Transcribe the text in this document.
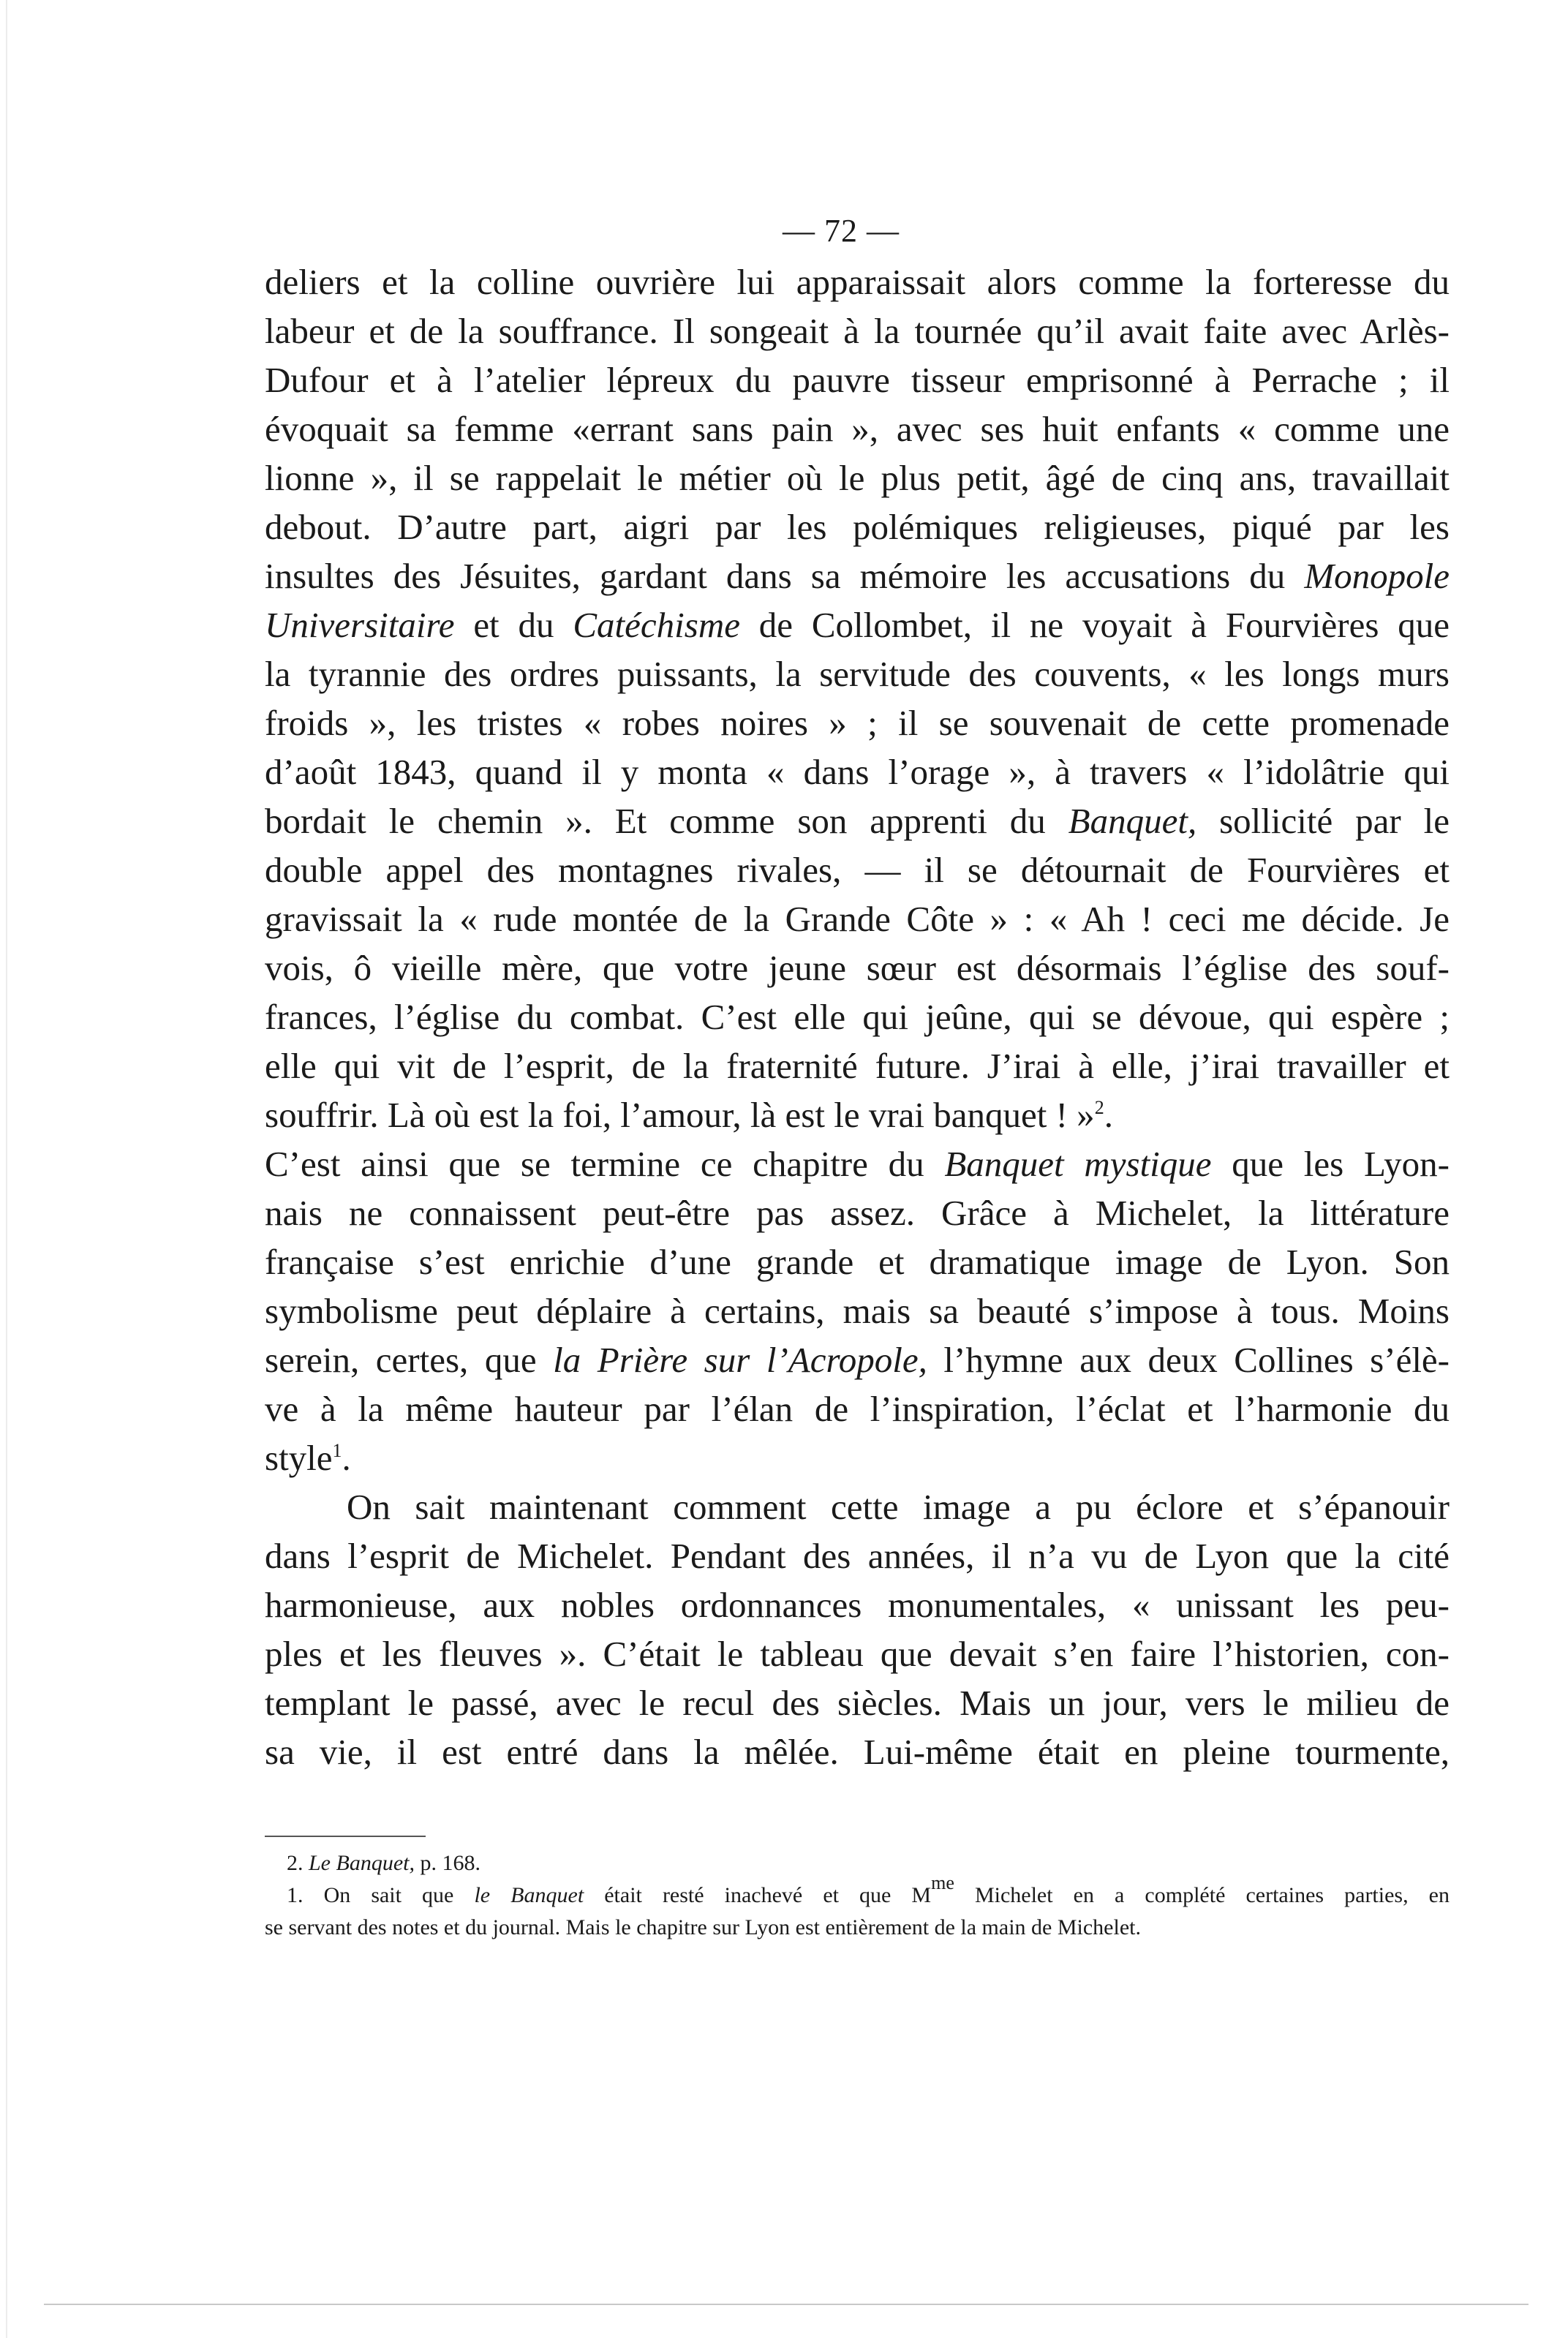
— 72 —
deliers et la colline ouvrière lui apparaissait alors comme la forteresse du
labeur et de la souffrance. Il songeait à la tournée qu’il avait faite avec Arlès-
Dufour et à l’atelier lépreux du pauvre tisseur emprisonné à Perrache ; il
évoquait sa femme «errant sans pain », avec ses huit enfants « comme une
lionne », il se rappelait le métier où le plus petit, âgé de cinq ans, travaillait
debout. D’autre part, aigri par les polémiques religieuses, piqué par les
insultes des Jésuites, gardant dans sa mémoire les accusations du Monopole
Universitaire et du Catéchisme de Collombet, il ne voyait à Fourvières que
la tyrannie des ordres puissants, la servitude des couvents, « les longs murs
froids », les tristes « robes noires » ; il se souvenait de cette promenade
d’août 1843, quand il y monta « dans l’orage », à travers « l’idolâtrie qui
bordait le chemin ». Et comme son apprenti du Banquet, sollicité par le
double appel des montagnes rivales, — il se détournait de Fourvières et
gravissait la « rude montée de la Grande Côte » : « Ah ! ceci me décide. Je
vois, ô vieille mère, que votre jeune sœur est désormais l’église des souf-
frances, l’église du combat. C’est elle qui jeûne, qui se dévoue, qui espère ;
elle qui vit de l’esprit, de la fraternité future. J’irai à elle, j’irai travailler et
souffrir. Là où est la foi, l’amour, là est le vrai banquet ! »$^2$.
C’est ainsi que se termine ce chapitre du Banquet mystique que les Lyon-
nais ne connaissent peut-être pas assez. Grâce à Michelet, la littérature
française s’est enrichie d’une grande et dramatique image de Lyon. Son
symbolisme peut déplaire à certains, mais sa beauté s’impose à tous. Moins
serein, certes, que la Prière sur l’Acropole, l’hymne aux deux Collines s’élè-
ve à la même hauteur par l’élan de l’inspiration, l’éclat et l’harmonie du
style$^1$.
On sait maintenant comment cette image a pu éclore et s’épanouir
dans l’esprit de Michelet. Pendant des années, il n’a vu de Lyon que la cité
harmonieuse, aux nobles ordonnances monumentales, « unissant les peu-
ples et les fleuves ». C’était le tableau que devait s’en faire l’historien, con-
templant le passé, avec le recul des siècles. Mais un jour, vers le milieu de
sa vie, il est entré dans la mêlée. Lui-même était en pleine tourmente,
2. Le Banquet, p. 168.
1. On sait que le Banquet était resté inachevé et que $M^{me}$ Michelet en a complété certaines parties, en
se servant des notes et du journal. Mais le chapitre sur Lyon est entièrement de la main de Michelet.
